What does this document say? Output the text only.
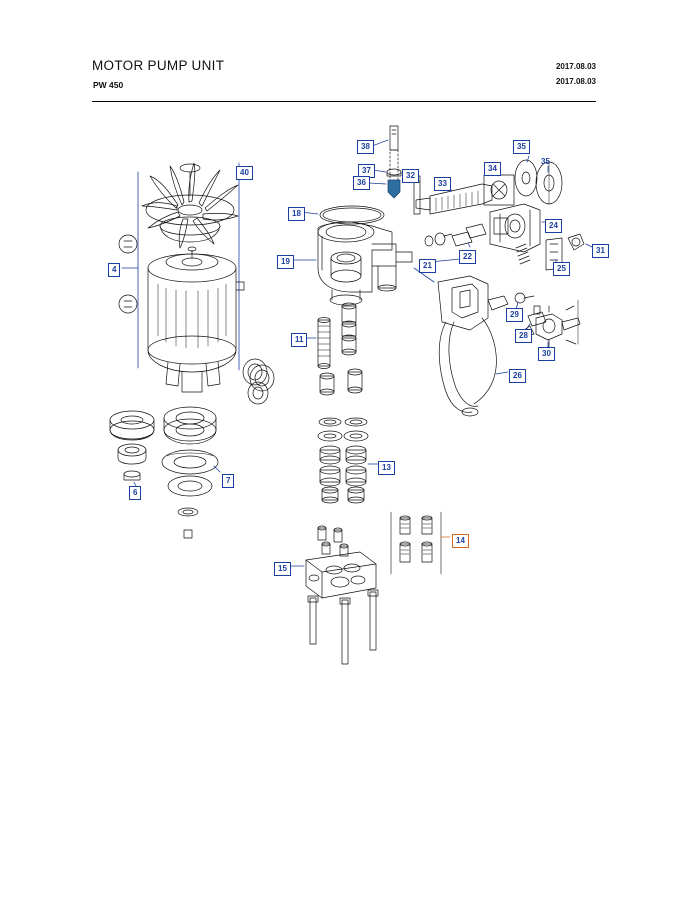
MOTOR PUMP UNIT
PW 450
2017.08.03
2017.08.03
40
4
18
19
38
37
36
32
33
34
35
35
24
31
25
22
21
29
28
30
26
11
6
7
13
14
15
